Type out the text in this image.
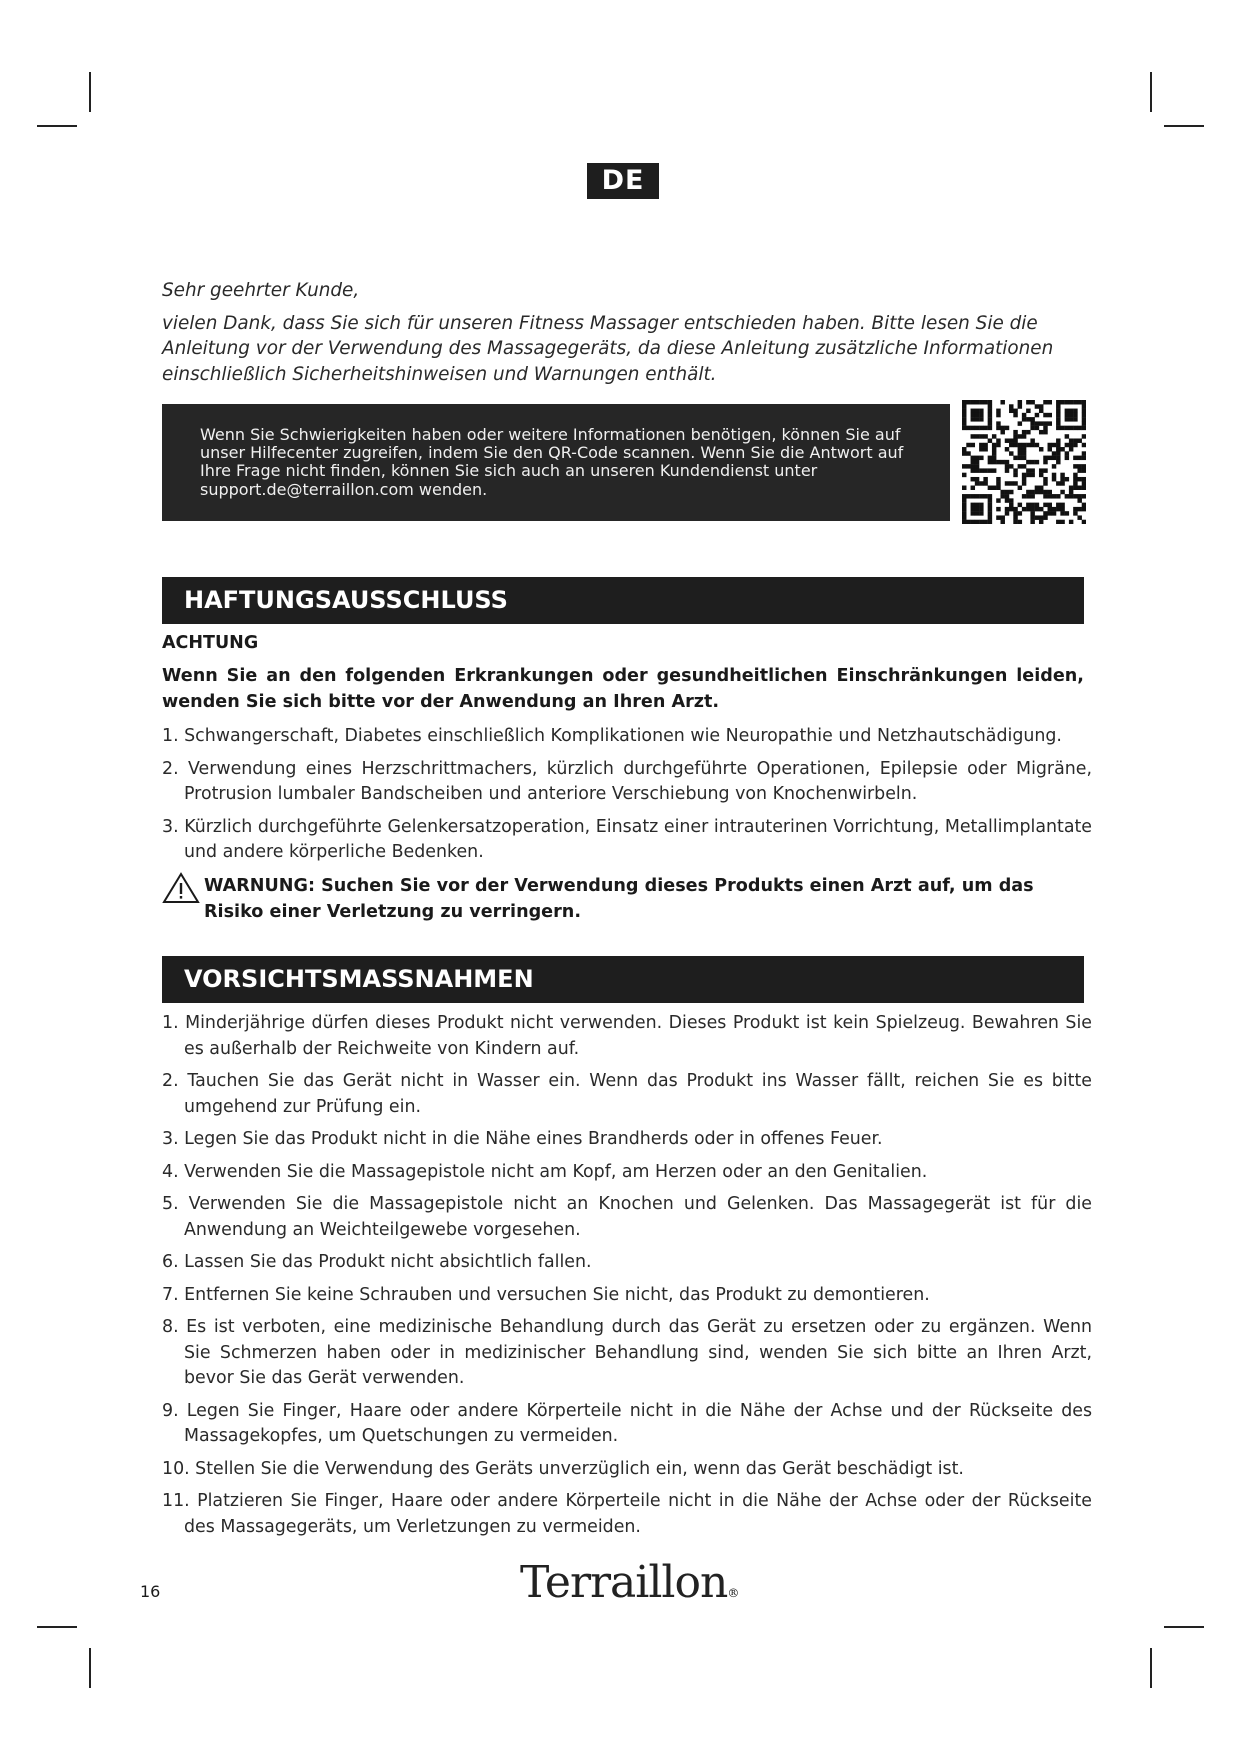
DE

Sehr geehrter Kunde,

vielen Dank, dass Sie sich für unseren Fitness Massager entschieden haben. Bitte lesen Sie die Anleitung vor der Verwendung des Massagegeräts, da diese Anleitung zusätzliche Informationen einschließlich Sicherheitshinweisen und Warnungen enthält.

Wenn Sie Schwierigkeiten haben oder weitere Informationen benötigen, können Sie auf unser Hilfecenter zugreifen, indem Sie den QR-Code scannen. Wenn Sie die Antwort auf Ihre Frage nicht finden, können Sie sich auch an unseren Kundendienst unter support.de@terraillon.com wenden.
HAFTUNGSAUSSCHLUSS
ACHTUNG
Wenn Sie an den folgenden Erkrankungen oder gesundheitlichen Einschränkungen leiden, wenden Sie sich bitte vor der Anwendung an Ihren Arzt.
1. Schwangerschaft, Diabetes einschließlich Komplikationen wie Neuropathie und Netzhautschädigung.
2. Verwendung eines Herzschrittmachers, kürzlich durchgeführte Operationen, Epilepsie oder Migräne, Protrusion lumbaler Bandscheiben und anteriore Verschiebung von Knochenwirbeln.
3. Kürzlich durchgeführte Gelenkersatzoperation, Einsatz einer intrauterinen Vorrichtung, Metallimplantate und andere körperliche Bedenken.
WARNUNG: Suchen Sie vor der Verwendung dieses Produkts einen Arzt auf, um das Risiko einer Verletzung zu verringern.
VORSICHTSMASSNAHMEN
1. Minderjährige dürfen dieses Produkt nicht verwenden. Dieses Produkt ist kein Spielzeug. Bewahren Sie es außerhalb der Reichweite von Kindern auf.
2. Tauchen Sie das Gerät nicht in Wasser ein. Wenn das Produkt ins Wasser fällt, reichen Sie es bitte umgehend zur Prüfung ein.
3. Legen Sie das Produkt nicht in die Nähe eines Brandherds oder in offenes Feuer.
4. Verwenden Sie die Massagepistole nicht am Kopf, am Herzen oder an den Genitalien.
5. Verwenden Sie die Massagepistole nicht an Knochen und Gelenken. Das Massagegerät ist für die Anwendung an Weichteilgewebe vorgesehen.
6. Lassen Sie das Produkt nicht absichtlich fallen.
7. Entfernen Sie keine Schrauben und versuchen Sie nicht, das Produkt zu demontieren.
8. Es ist verboten, eine medizinische Behandlung durch das Gerät zu ersetzen oder zu ergänzen. Wenn Sie Schmerzen haben oder in medizinischer Behandlung sind, wenden Sie sich bitte an Ihren Arzt, bevor Sie das Gerät verwenden.
9. Legen Sie Finger, Haare oder andere Körperteile nicht in die Nähe der Achse und der Rückseite des Massagekopfes, um Quetschungen zu vermeiden.
10. Stellen Sie die Verwendung des Geräts unverzüglich ein, wenn das Gerät beschädigt ist.
11. Platzieren Sie Finger, Haare oder andere Körperteile nicht in die Nähe der Achse oder der Rückseite des Massagegeräts, um Verletzungen zu vermeiden.
16	Terraillon®
